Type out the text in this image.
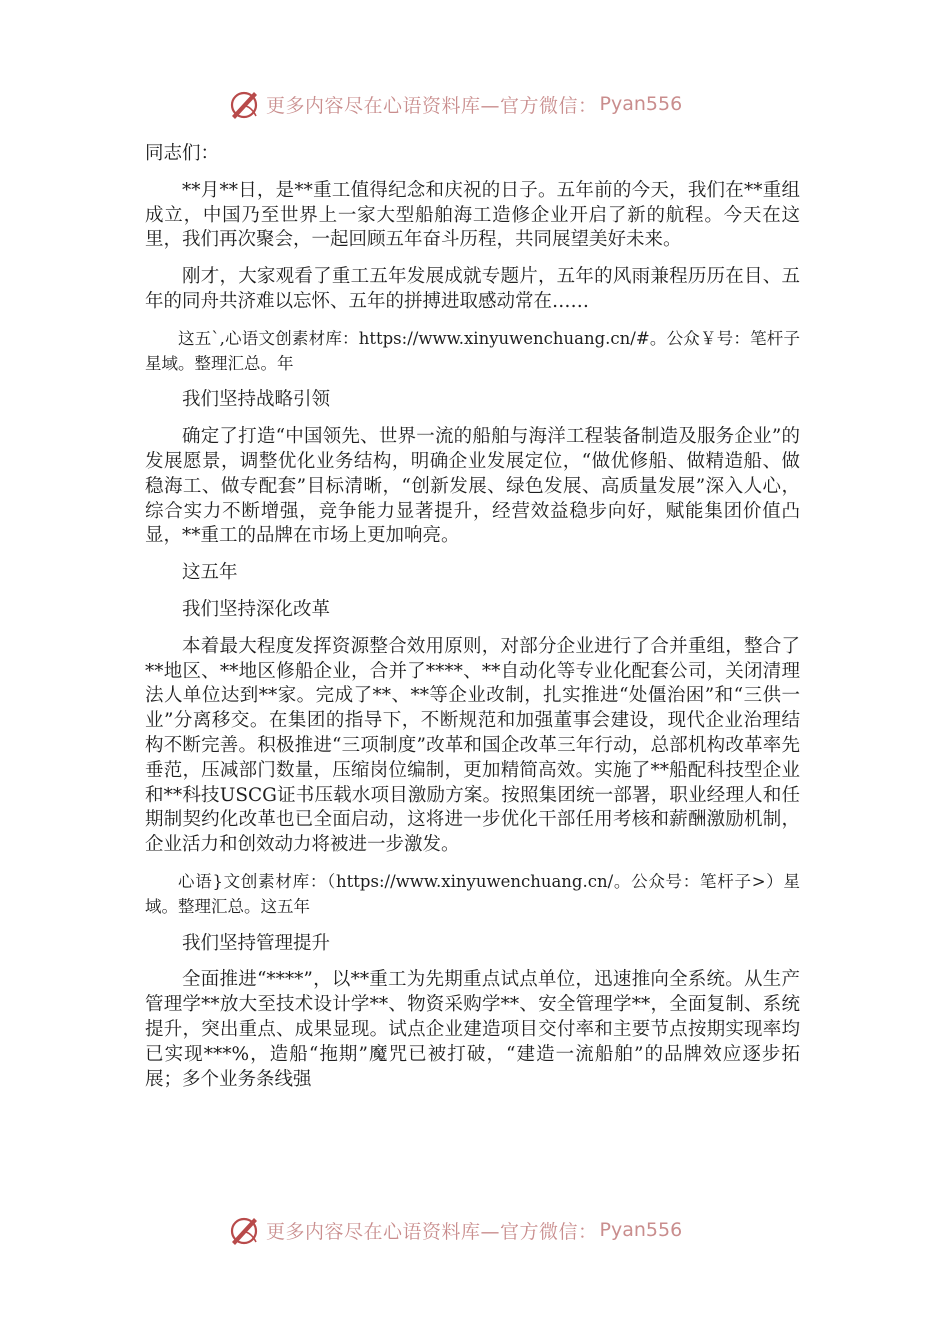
更多内容尽在心语资料库—官方微信： Pyan556

同志们：

**月**日，是**重工值得纪念和庆祝的日子。五年前的今天，我们在**重组成立，中国乃至世界上一家大型船舶海工造修企业开启了新的航程。今天在这里，我们再次聚会，一起回顾五年奋斗历程，共同展望美好未来。

刚才，大家观看了重工五年发展成就专题片，五年的风雨兼程历历在目、五年的同舟共济难以忘怀、五年的拼搏进取感动常在……

这五`,心语文创素材库：https://www.xinyuwenchuang.cn/#。公众￥号：笔杆子星域。整理汇总。年

我们坚持战略引领

确定了打造“中国领先、世界一流的船舶与海洋工程装备制造及服务企业”的发展愿景，调整优化业务结构，明确企业发展定位，“做优修船、做精造船、做稳海工、做专配套”目标清晰，“创新发展、绿色发展、高质量发展”深入人心，综合实力不断增强，竞争能力显著提升，经营效益稳步向好，赋能集团价值凸显，**重工的品牌在市场上更加响亮。

这五年

我们坚持深化改革

本着最大程度发挥资源整合效用原则，对部分企业进行了合并重组，整合了**地区、**地区修船企业，合并了****、**自动化等专业化配套公司，关闭清理法人单位达到**家。完成了**、**等企业改制，扎实推进“处僵治困”和“三供一业”分离移交。在集团的指导下，不断规范和加强董事会建设，现代企业治理结构不断完善。积极推进“三项制度”改革和国企改革三年行动，总部机构改革率先垂范，压减部门数量，压缩岗位编制，更加精简高效。实施了**船配科技型企业和**科技USCG证书压载水项目激励方案。按照集团统一部署，职业经理人和任期制契约化改革也已全面启动，这将进一步优化干部任用考核和薪酬激励机制，企业活力和创效动力将被进一步激发。

心语}文创素材库：（https://www.xinyuwenchuang.cn/。公众号：笔杆子>）星域。整理汇总。这五年

我们坚持管理提升

全面推进“****”，以**重工为先期重点试点单位，迅速推向全系统。从生产管理学**放大至技术设计学**、物资采购学**、安全管理学**，全面复制、系统提升，突出重点、成果显现。试点企业建造项目交付率和主要节点按期实现率均已实现***%，造船“拖期”魔咒已被打破，“建造一流船舶”的品牌效应逐步拓展；多个业务条线强

更多内容尽在心语资料库—官方微信： Pyan556
